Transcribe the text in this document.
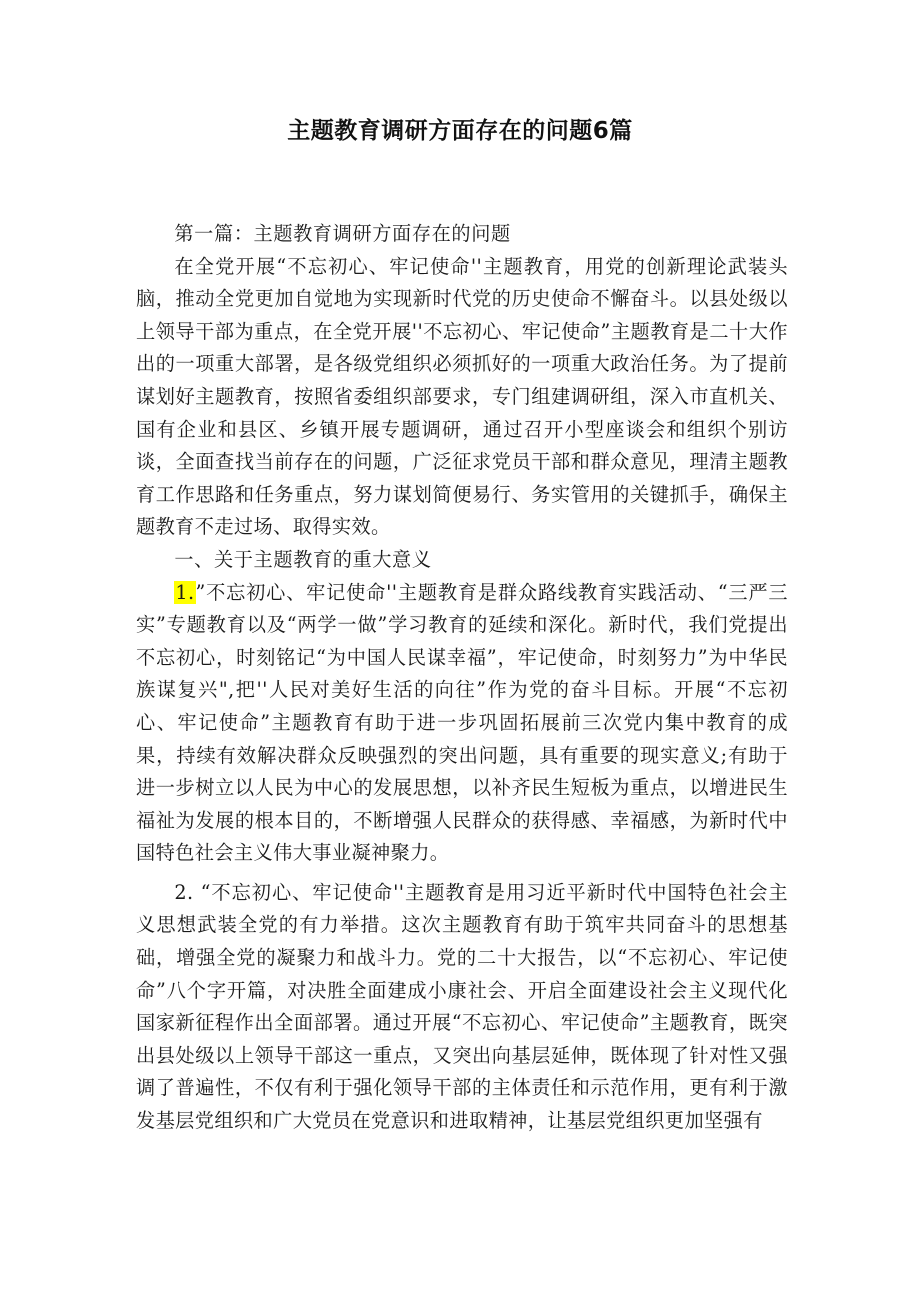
主题教育调研方面存在的问题6篇

第一篇：主题教育调研方面存在的问题

在全党开展“不忘初心、牢记使命''主题教育，用党的创新理论武装头脑，推动全党更加自觉地为实现新时代党的历史使命不懈奋斗。以县处级以上领导干部为重点，在全党开展''不忘初心、牢记使命”主题教育是二十大作出的一项重大部署，是各级党组织必须抓好的一项重大政治任务。为了提前谋划好主题教育，按照省委组织部要求，专门组建调研组，深入市直机关、国有企业和县区、乡镇开展专题调研，通过召开小型座谈会和组织个别访谈，全面查找当前存在的问题，广泛征求党员干部和群众意见，理清主题教育工作思路和任务重点，努力谋划简便易行、务实管用的关键抓手，确保主题教育不走过场、取得实效。

一、关于主题教育的重大意义

1.”不忘初心、牢记使命''主题教育是群众路线教育实践活动、“三严三实”专题教育以及“两学一做”学习教育的延续和深化。新时代，我们党提出不忘初心，时刻铭记“为中国人民谋幸福”，牢记使命，时刻努力”为中华民族谋复兴",把''人民对美好生活的向往”作为党的奋斗目标。开展“不忘初心、牢记使命”主题教育有助于进一步巩固拓展前三次党内集中教育的成果，持续有效解决群众反映强烈的突出问题，具有重要的现实意义;有助于进一步树立以人民为中心的发展思想，以补齐民生短板为重点，以增进民生福祉为发展的根本目的，不断增强人民群众的获得感、幸福感，为新时代中国特色社会主义伟大事业凝神聚力。

2. “不忘初心、牢记使命''主题教育是用习近平新时代中国特色社会主义思想武装全党的有力举措。这次主题教育有助于筑牢共同奋斗的思想基础，增强全党的凝聚力和战斗力。党的二十大报告，以“不忘初心、牢记使命”八个字开篇，对决胜全面建成小康社会、开启全面建设社会主义现代化国家新征程作出全面部署。通过开展“不忘初心、牢记使命”主题教育，既突出县处级以上领导干部这一重点，又突出向基层延伸，既体现了针对性又强调了普遍性，不仅有利于强化领导干部的主体责任和示范作用，更有利于激发基层党组织和广大党员在党意识和进取精神，让基层党组织更加坚强有
